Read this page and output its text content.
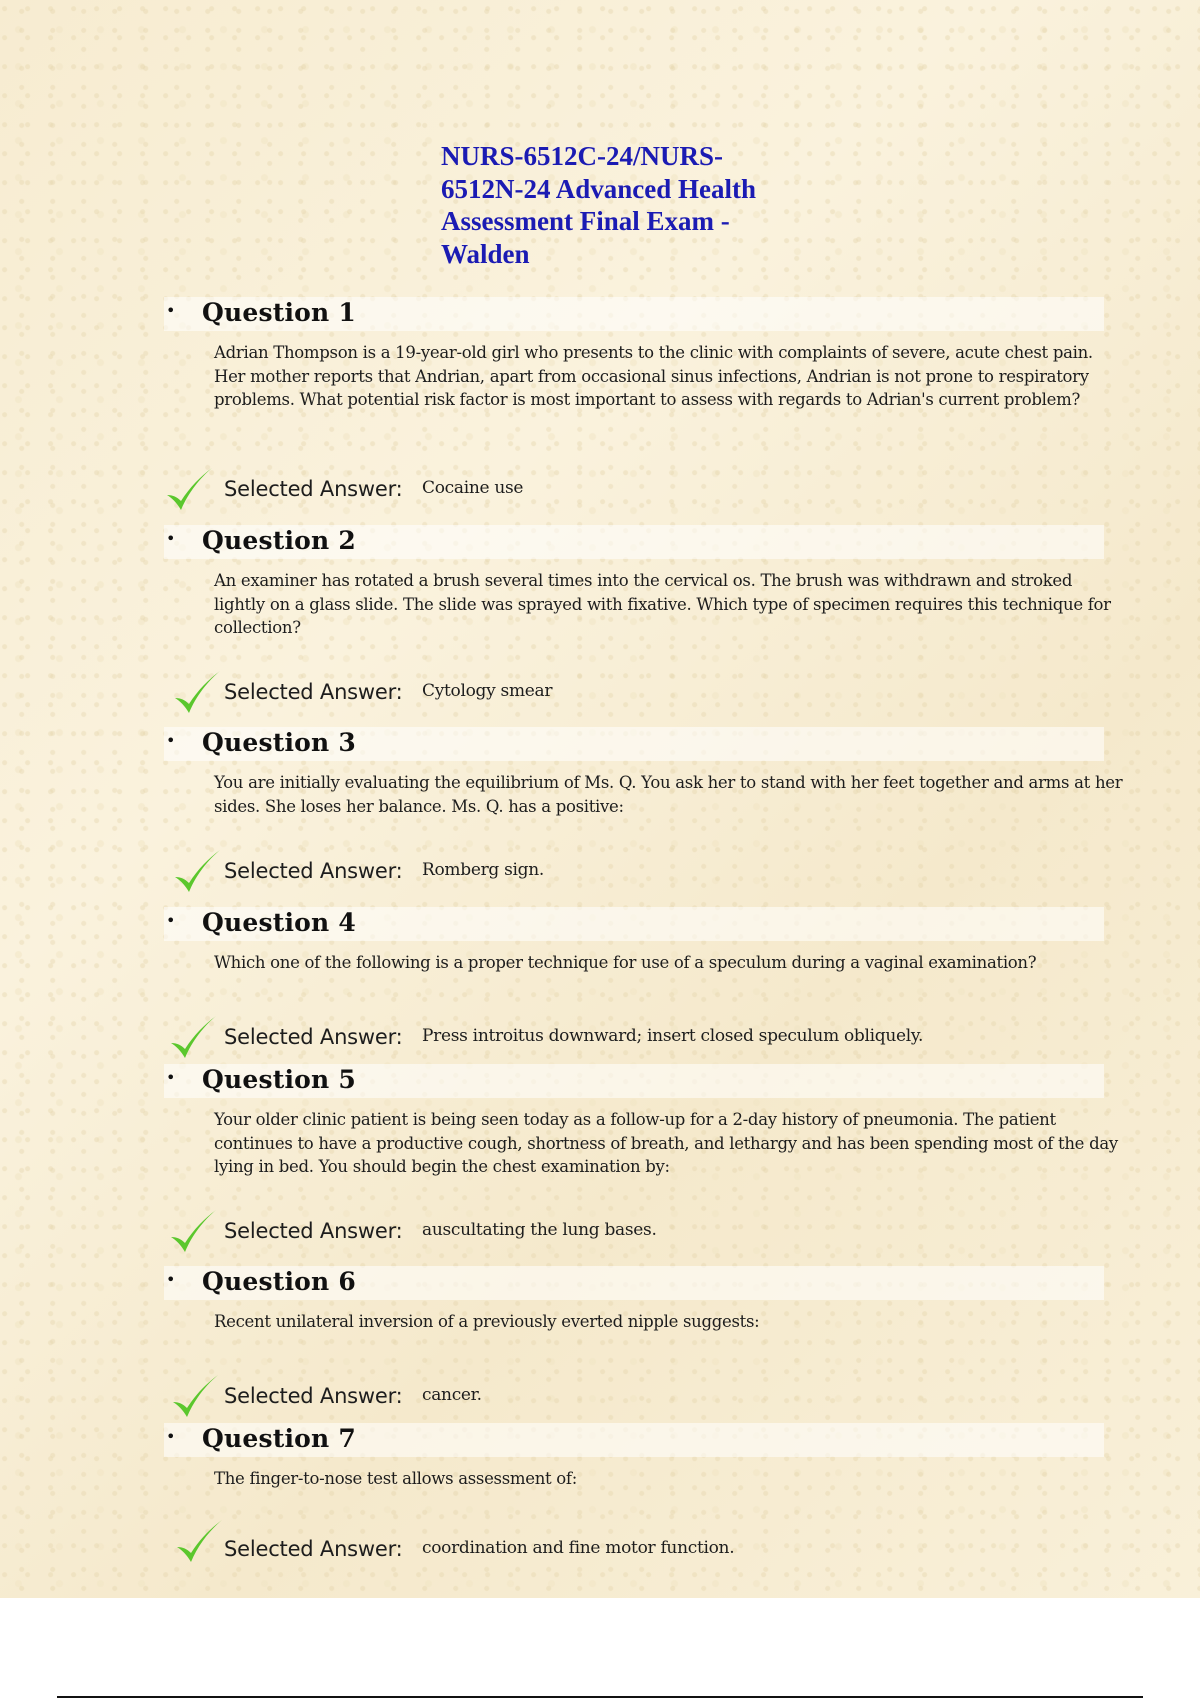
NURS-6512C-24/NURS-6512N-24 Advanced Health Assessment Final Exam - Walden
• Question 1

Adrian Thompson is a 19-year-old girl who presents to the clinic with complaints of severe, acute chest pain. Her mother reports that Andrian, apart from occasional sinus infections, Andrian is not prone to respiratory problems. What potential risk factor is most important to assess with regards to Adrian's current problem?

Selected Answer: Cocaine use
• Question 2

An examiner has rotated a brush several times into the cervical os. The brush was withdrawn and stroked lightly on a glass slide. The slide was sprayed with fixative. Which type of specimen requires this technique for collection?

Selected Answer: Cytology smear
• Question 3

You are initially evaluating the equilibrium of Ms. Q. You ask her to stand with her feet together and arms at her sides. She loses her balance. Ms. Q. has a positive:

Selected Answer: Romberg sign.
• Question 4

Which one of the following is a proper technique for use of a speculum during a vaginal examination?

Selected Answer: Press introitus downward; insert closed speculum obliquely.
• Question 5

Your older clinic patient is being seen today as a follow-up for a 2-day history of pneumonia. The patient continues to have a productive cough, shortness of breath, and lethargy and has been spending most of the day lying in bed. You should begin the chest examination by:

Selected Answer: auscultating the lung bases.
• Question 6

Recent unilateral inversion of a previously everted nipple suggests:

Selected Answer: cancer.
• Question 7

The finger-to-nose test allows assessment of:

Selected Answer: coordination and fine motor function.
